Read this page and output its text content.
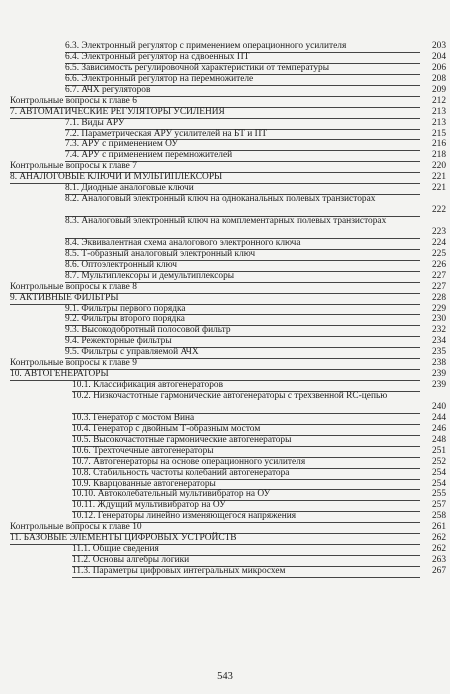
6.3. Электронный регулятор с применением операционного усилителя	203
6.4. Электронный регулятор на сдвоенных ПТ	204
6.5. Зависимость регулировочной характеристики от температуры	206
6.6. Электронный регулятор на перемножителе	208
6.7. АЧХ регуляторов	209
Контрольные вопросы к главе 6	212
7. АВТОМАТИЧЕСКИЕ РЕГУЛЯТОРЫ УСИЛЕНИЯ	213
7.1. Виды АРУ	213
7.2. Параметрическая АРУ усилителей на БТ и ПТ	215
7.3. АРУ с применением ОУ	216
7.4. АРУ с применением перемножителей	218
Контрольные вопросы к главе 7	220
8. АНАЛОГОВЫЕ КЛЮЧИ И МУЛЬТИПЛЕКСОРЫ	221
8.1. Диодные аналоговые ключи	221
8.2. Аналоговый электронный ключ на одноканальных полевых транзисторах
222
8.3. Аналоговый электронный ключ на комплементарных полевых транзисторах
223
8.4. Эквивалентная схема аналогового электронного ключа	224
8.5. Т-образный аналоговый электронный ключ	225
8.6. Оптоэлектронный ключ	226
8.7. Мультиплексоры и демультиплексоры	227
Контрольные вопросы к главе 8	227
9. АКТИВНЫЕ ФИЛЬТРЫ	228
9.1. Фильтры первого порядка	229
9.2. Фильтры второго порядка	230
9.3. Высокодобротный полосовой фильтр	232
9.4. Режекторные фильтры	234
9.5. Фильтры с управляемой АЧХ	235
Контрольные вопросы к главе 9	238
10. АВТОГЕНЕРАТОРЫ	239
10.1. Классификация автогенераторов	239
10.2. Низкочастотные гармонические автогенераторы с трехзвенной RC-цепью
240
10.3. Генератор с мостом Вина	244
10.4. Генератор с двойным Т-образным мостом	246
10.5. Высокочастотные гармонические автогенераторы	248
10.6. Трехточечные автогенераторы	251
10.7. Автогенераторы на основе операционного усилителя	252
10.8. Стабильность частоты колебаний автогенератора	254
10.9. Кварцованные автогенераторы	254
10.10. Автоколебательный мультивибратор на ОУ	255
10.11. Ждущий мультивибратор на ОУ	257
10.12. Генераторы линейно изменяющегося напряжения	258
Контрольные вопросы к главе 10	261
11. БАЗОВЫЕ ЭЛЕМЕНТЫ ЦИФРОВЫХ УСТРОЙСТВ	262
11.1. Общие сведения	262
11.2. Основы алгебры логики	263
11.3. Параметры цифровых интегральных микросхем	267
543
